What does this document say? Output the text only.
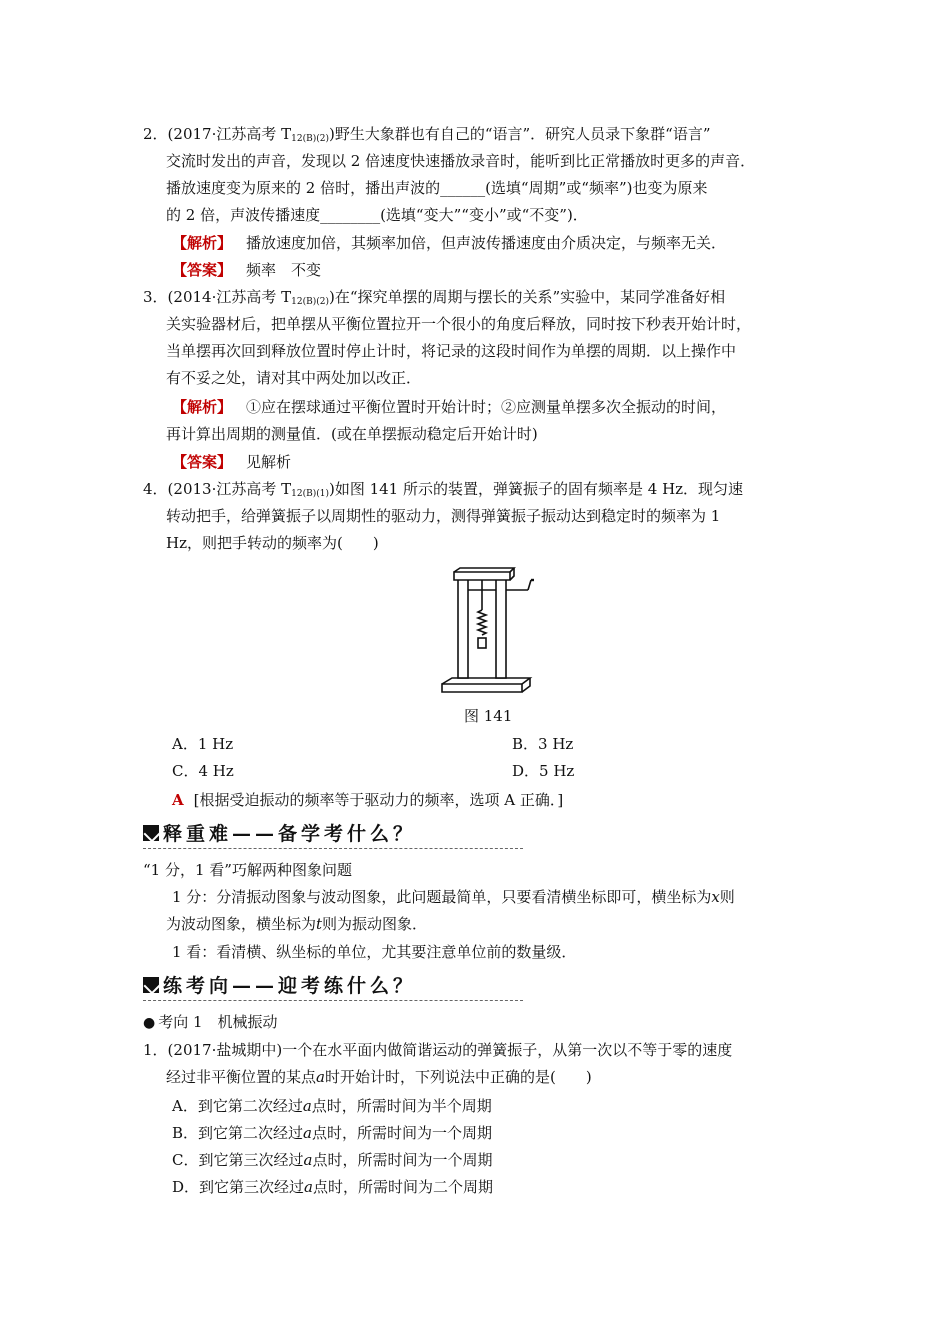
2．(2017·江苏高考 $T_{12(B)(2)}$)野生大象群也有自己的“语言”．研究人员录下象群“语言”
交流时发出的声音，发现以 2 倍速度快速播放录音时，能听到比正常播放时更多的声音．
播放速度变为原来的 2 倍时，播出声波的______(选填“周期”或“频率”)也变为原来
的 2 倍，声波传播速度________(选填“变大”“变小”或“不变”)．
【解析】 播放速度加倍，其频率加倍，但声波传播速度由介质决定，与频率无关．
【答案】 频率　不变
3．(2014·江苏高考 $T_{12(B)(2)}$)在“探究单摆的周期与摆长的关系”实验中，某同学准备好相
关实验器材后，把单摆从平衡位置拉开一个很小的角度后释放，同时按下秒表开始计时，
当单摆再次回到释放位置时停止计时，将记录的这段时间作为单摆的周期．以上操作中
有不妥之处，请对其中两处加以改正．
【解析】 ①应在摆球通过平衡位置时开始计时；②应测量单摆多次全振动的时间，
再计算出周期的测量值．(或在单摆振动稳定后开始计时)
【答案】 见解析
4．(2013·江苏高考 $T_{12(B)(1)}$)如图 141 所示的装置，弹簧振子的固有频率是 4 Hz．现匀速
转动把手，给弹簧振子以周期性的驱动力，测得弹簧振子振动达到稳定时的频率为 1
Hz，则把手转动的频率为(　　)
图 141
A．1 Hz	B．3 Hz
C．4 Hz	D．5 Hz
A [根据受迫振动的频率等于驱动力的频率，选项 A 正确．]
释重难——备学考什么？
“1 分，1 看”巧解两种图象问题
1 分：分清振动图象与波动图象，此问题最简单，只要看清横坐标即可，横坐标为x则
为波动图象，横坐标为t则为振动图象．
1 看：看清横、纵坐标的单位，尤其要注意单位前的数量级．
练考向——迎考练什么？
● 考向 1　机械振动
1．(2017·盐城期中)一个在水平面内做简谐运动的弹簧振子，从第一次以不等于零的速度
经过非平衡位置的某点a时开始计时，下列说法中正确的是(　　)
A．到它第二次经过a点时，所需时间为半个周期
B．到它第二次经过a点时，所需时间为一个周期
C．到它第三次经过a点时，所需时间为一个周期
D．到它第三次经过a点时，所需时间为二个周期
